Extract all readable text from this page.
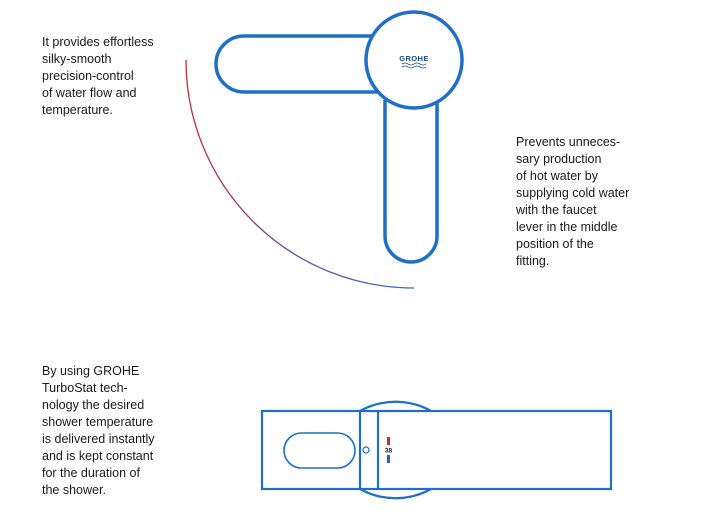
It provides effortless
silky-smooth
precision-control
of water flow and
temperature.

Prevents unneces-
sary production
of hot water by
supplying cold water
with the faucet
lever in the middle
position of the
fitting.

By using GROHE
TurboStat tech-
nology the desired
shower temperature
is delivered instantly
and is kept constant
for the duration of
the shower.

GROHE
38
